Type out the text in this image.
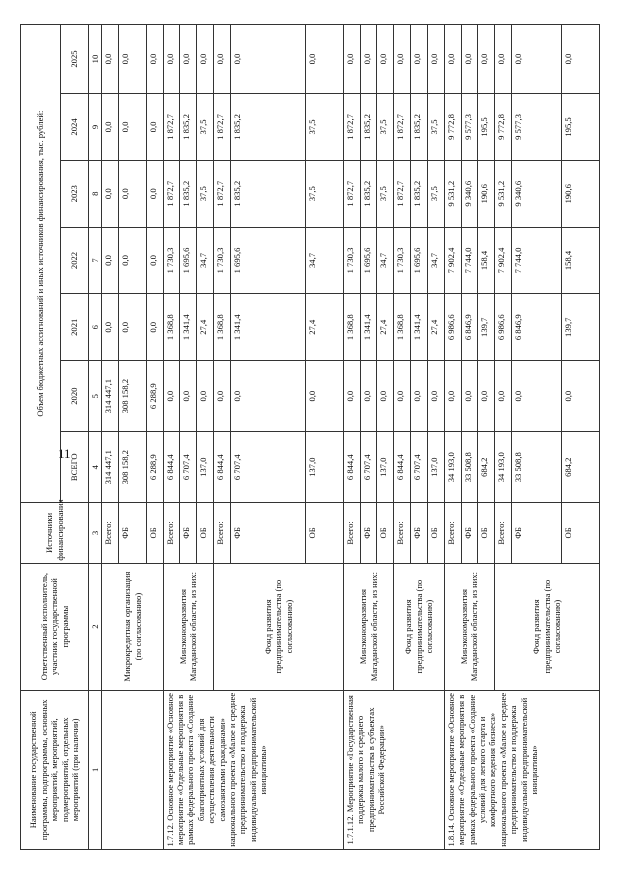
11
Наименование государственной программы, подпрограммы, основных мероприятий, мероприятий, подмероприятий, отдельных мероприятий (при наличии)	Ответственный исполнитель, участник государственной программы	Источники финансирования	Объем бюджетных ассигнований и иных источников финансирования, тыс. рублей:						
			ВСЕГО	2020	2021	2022	2023	2024	2025
1	2	3	4	5	6	7	8	9	10
	Микрокредитная организация (по согласованию)	Всего:	314 447,1	314 447,1	0,0	0,0	0,0	0,0	0,0
		ФБ	308 158,2	308 158,2	0,0	0,0	0,0	0,0	0,0
		ОБ	6 288,9	6 288,9	0,0	0,0	0,0	0,0	0,0
1.7.12. Основное мероприятие «Основное мероприятие «Отдельные мероприятия в рамках федерального проекта «Создание благоприятных условий для осуществления деятельности самозанятыми гражданами» национального проекта «Малое и среднее предпринимательство и поддержка индивидуальной предпринимательской инициативы»	Минэкономразвития Магаданской области, из них:	Всего:	6 844,4	0,0	1 368,8	1 730,3	1 872,7	1 872,7	0,0
		ФБ	6 707,4	0,0	1 341,4	1 695,6	1 835,2	1 835,2	0,0
		ОБ	137,0	0,0	27,4	34,7	37,5	37,5	0,0
	Фонд развития предпринимательства (по согласованию)	Всего:	6 844,4	0,0	1 368,8	1 730,3	1 872,7	1 872,7	0,0
		ФБ	6 707,4	0,0	1 341,4	1 695,6	1 835,2	1 835,2	0,0
		ОБ	137,0	0,0	27,4	34,7	37,5	37,5	0,0
1.7.1.12. Мероприятие «Государственная поддержка малого и среднего предпринимательства в субъектах Российской Федерации»	Минэкономразвития Магаданской области, из них:	Всего:	6 844,4	0,0	1 368,8	1 730,3	1 872,7	1 872,7	0,0
		ФБ	6 707,4	0,0	1 341,4	1 695,6	1 835,2	1 835,2	0,0
		ОБ	137,0	0,0	27,4	34,7	37,5	37,5	0,0
	Фонд развития предпринимательства (по согласованию)	Всего:	6 844,4	0,0	1 368,8	1 730,3	1 872,7	1 872,7	0,0
		ФБ	6 707,4	0,0	1 341,4	1 695,6	1 835,2	1 835,2	0,0
		ОБ	137,0	0,0	27,4	34,7	37,5	37,5	0,0
1.8.14. Основное мероприятие «Основное мероприятие «Отдельные мероприятия в рамках федерального проекта «Создание условий для легкого старта и комфортного ведения бизнеса» национального проекта «Малое и среднее предпринимательство и поддержка индивидуальной предпринимательской инициативы»	Минэкономразвития Магаданской области, из них:	Всего:	34 193,0	0,0	6 986,6	7 902,4	9 531,2	9 772,8	0,0
		ФБ	33 508,8	0,0	6 846,9	7 744,0	9 340,6	9 577,3	0,0
		ОБ	684,2	0,0	139,7	158,4	190,6	195,5	0,0
	Фонд развития предпринимательства (по согласованию)	Всего:	34 193,0	0,0	6 986,6	7 902,4	9 531,2	9 772,8	0,0
		ФБ	33 508,8	0,0	6 846,9	7 744,0	9 340,6	9 577,3	0,0
		ОБ	684,2	0,0	139,7	158,4	190,6	195,5	0,0
